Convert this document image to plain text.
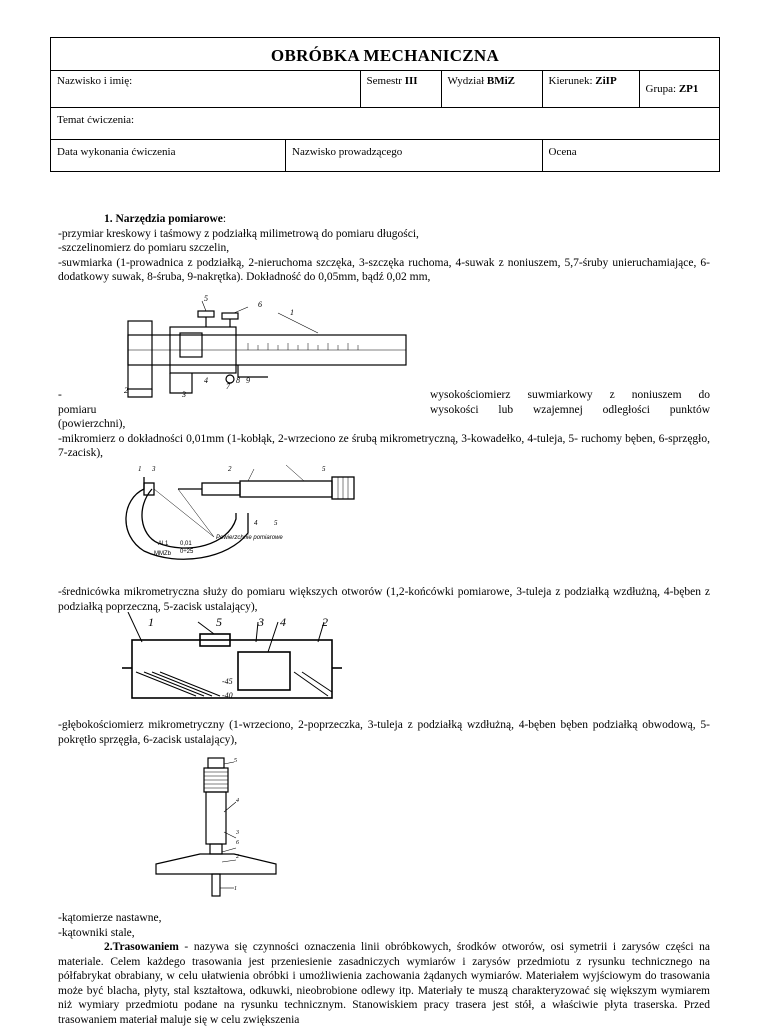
OBRÓBKA MECHANICZNA					
Nazwisko i imię:		Semestr III	Wydział BMiZ	Kierunek: ZiIP	Grupa: ZP1
Temat ćwiczenia:					
Data wykonania ćwiczenia	Nazwisko prowadzącego			Ocena	

1. Narzędzia pomiarowe:

-przymiar kreskowy i taśmowy z podziałką milimetrową do pomiaru długości,

-szczelinomierz do pomiaru szczelin,

-suwmiarka (1-prowadnica z podziałką, 2-nieruchoma szczęka, 3-szczęka ruchoma, 4-suwak z noniuszem, 5,7-śruby unieruchamiające, 6-dodatkowy suwak, 8-śruba, 9-nakrętka). Dokładność do 0,05mm, bądź 0,02 mm,

5
6
1
2	3
4
7
8 9

-	wysokościomierz suwmiarkowy z noniuszem do

pomiaru	wysokości lub wzajemnej odległości punktów

(powierzchni),

-mikromierz o dokładności 0,01mm (1-kobłąk, 2-wrzeciono ze śrubą mikrometryczną, 3-kowadełko, 4-tuleja, 5- ruchomy bęben, 6-sprzęgło, 7-zacisk),

Powierzchnie pomiarowe
Al.1
MMZb
0,01
0÷25
1 3	2	5
4 5
-średnicówka mikrometryczna służy do pomiaru większych otworów (1,2-końcówki pomiarowe, 3-tuleja z podziałką wzdłużną, 4-bęben z podziałką poprzeczną, 5-zacisk ustalający),
1	5	3 4	2
-45
-40
-głębokościomierz mikrometryczny (1-wrzeciono, 2-poprzeczka, 3-tuleja z podziałką wzdłużną, 4-bęben bęben podziałką obwodową, 5-pokrętło sprzęgła, 6-zacisk ustalający),
5
4
3
6
2
1

-kątomierze nastawne,

-kątowniki stale,

2.Trasowaniem - nazywa się czynności oznaczenia linii obróbkowych, środków otworów, osi symetrii i zarysów części na materiale. Celem każdego trasowania jest przeniesienie zasadniczych wymiarów i zarysów przedmiotu z rysunku technicznego na półfabrykat obrabiany, w celu ułatwienia obróbki i umożliwienia zachowania żądanych wymiarów. Materiałem wyjściowym do trasowania może być blacha, płyty, stal kształtowa, odkuwki, nieobrobione odlewy itp. Materiały te muszą charakteryzować się większym wymiarem niż wymiary przedmiotu podane na rysunku technicznym. Stanowiskiem pracy trasera jest stół, a właściwie płyta traserska. Przed trasowaniem materiał maluje się w celu zwiększenia
